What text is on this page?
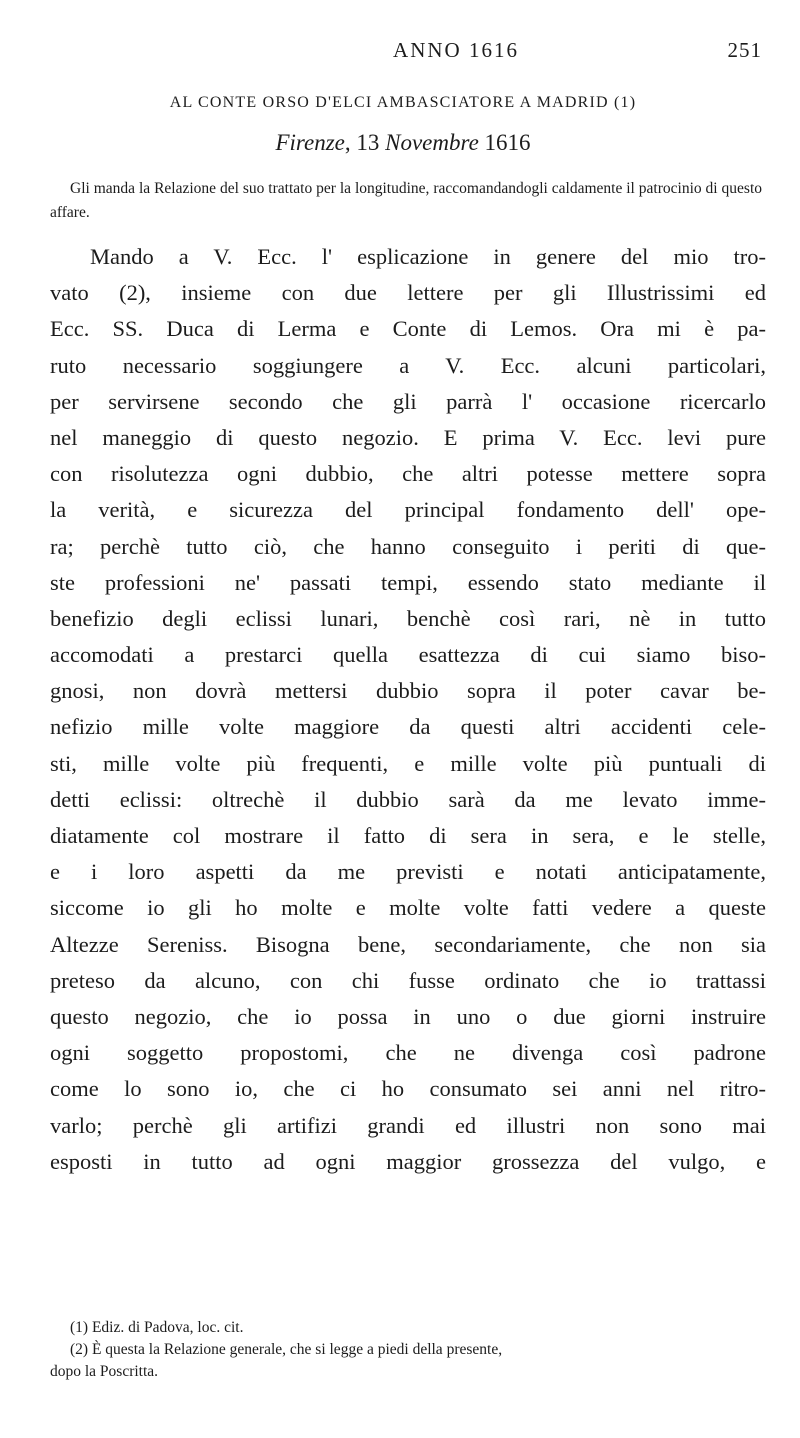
ANNO 1616	251
AL CONTE ORSO D'ELCI AMBASCIATORE A MADRID (1)
Firenze, 13 Novembre 1616
Gli manda la Relazione del suo trattato per la longitudine, raccomandandogli caldamente il patrocinio di questo affare.
Mando a V. Ecc. l' esplicazione in genere del mio tro-
vato (2), insieme con due lettere per gli Illustrissimi ed
Ecc. SS. Duca di Lerma e Conte di Lemos. Ora mi è pa-
ruto necessario soggiungere a V. Ecc. alcuni particolari,
per servirsene secondo che gli parrà l' occasione ricercarlo
nel maneggio di questo negozio. E prima V. Ecc. levi pure
con risolutezza ogni dubbio, che altri potesse mettere sopra
la verità, e sicurezza del principal fondamento dell' ope-
ra; perchè tutto ciò, che hanno conseguito i periti di que-
ste professioni ne' passati tempi, essendo stato mediante il
benefizio degli eclissi lunari, benchè così rari, nè in tutto
accomodati a prestarci quella esattezza di cui siamo biso-
gnosi, non dovrà mettersi dubbio sopra il poter cavar be-
nefizio mille volte maggiore da questi altri accidenti cele-
sti, mille volte più frequenti, e mille volte più puntuali di
detti eclissi: oltrechè il dubbio sarà da me levato imme-
diatamente col mostrare il fatto di sera in sera, e le stelle,
e i loro aspetti da me previsti e notati anticipatamente,
siccome io gli ho molte e molte volte fatti vedere a queste
Altezze Sereniss. Bisogna bene, secondariamente, che non sia
preteso da alcuno, con chi fusse ordinato che io trattassi
questo negozio, che io possa in uno o due giorni instruire
ogni soggetto propostomi, che ne divenga così padrone
come lo sono io, che ci ho consumato sei anni nel ritro-
varlo; perchè gli artifizi grandi ed illustri non sono mai
esposti in tutto ad ogni maggior grossezza del vulgo, e
(1) Ediz. di Padova, loc. cit.
(2) È questa la Relazione generale, che si legge a piedi della presente,
dopo la Poscritta.
